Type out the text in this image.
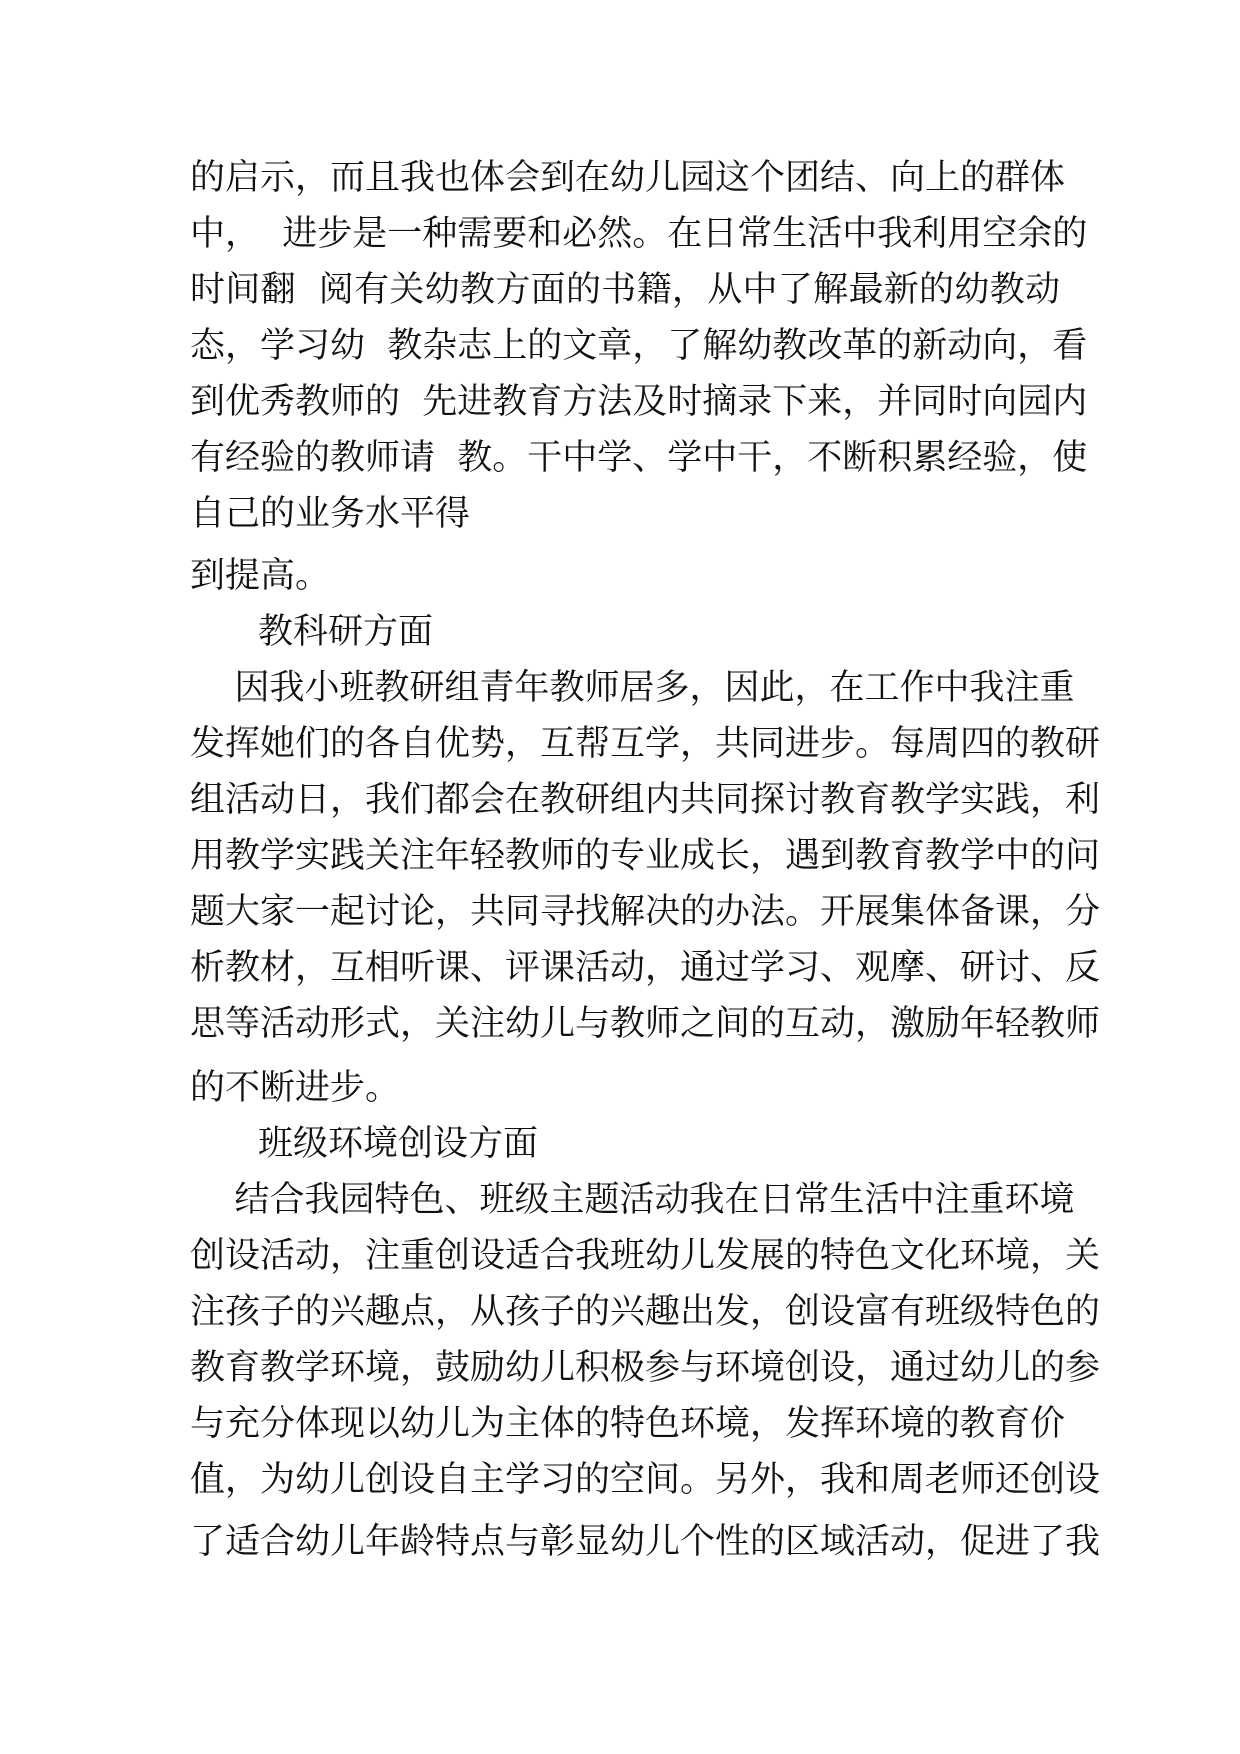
的启示，而且我也体会到在幼儿园这个团结、向上的群体

中，  进步是一种需要和必然。在日常生活中我利用空余的

时间翻  阅有关幼教方面的书籍，从中了解最新的幼教动

态，学习幼  教杂志上的文章，了解幼教改革的新动向，看

到优秀教师的  先进教育方法及时摘录下来，并同时向园内

有经验的教师请  教。干中学、学中干，不断积累经验，使

自己的业务水平得

到提高。

教科研方面

因我小班教研组青年教师居多，因此，在工作中我注重

发挥她们的各自优势，互帮互学，共同进步。每周四的教研

组活动日，我们都会在教研组内共同探讨教育教学实践，利

用教学实践关注年轻教师的专业成长，遇到教育教学中的问

题大家一起讨论，共同寻找解决的办法。开展集体备课，分

析教材，互相听课、评课活动，通过学习、观摩、研讨、反

思等活动形式，关注幼儿与教师之间的互动，激励年轻教师

的不断进步。

班级环境创设方面

结合我园特色、班级主题活动我在日常生活中注重环境

创设活动，注重创设适合我班幼儿发展的特色文化环境，关

注孩子的兴趣点，从孩子的兴趣出发，创设富有班级特色的

教育教学环境，鼓励幼儿积极参与环境创设，通过幼儿的参

与充分体现以幼儿为主体的特色环境，发挥环境的教育价

值，为幼儿创设自主学习的空间。另外，我和周老师还创设

了适合幼儿年龄特点与彰显幼儿个性的区域活动，促进了我
